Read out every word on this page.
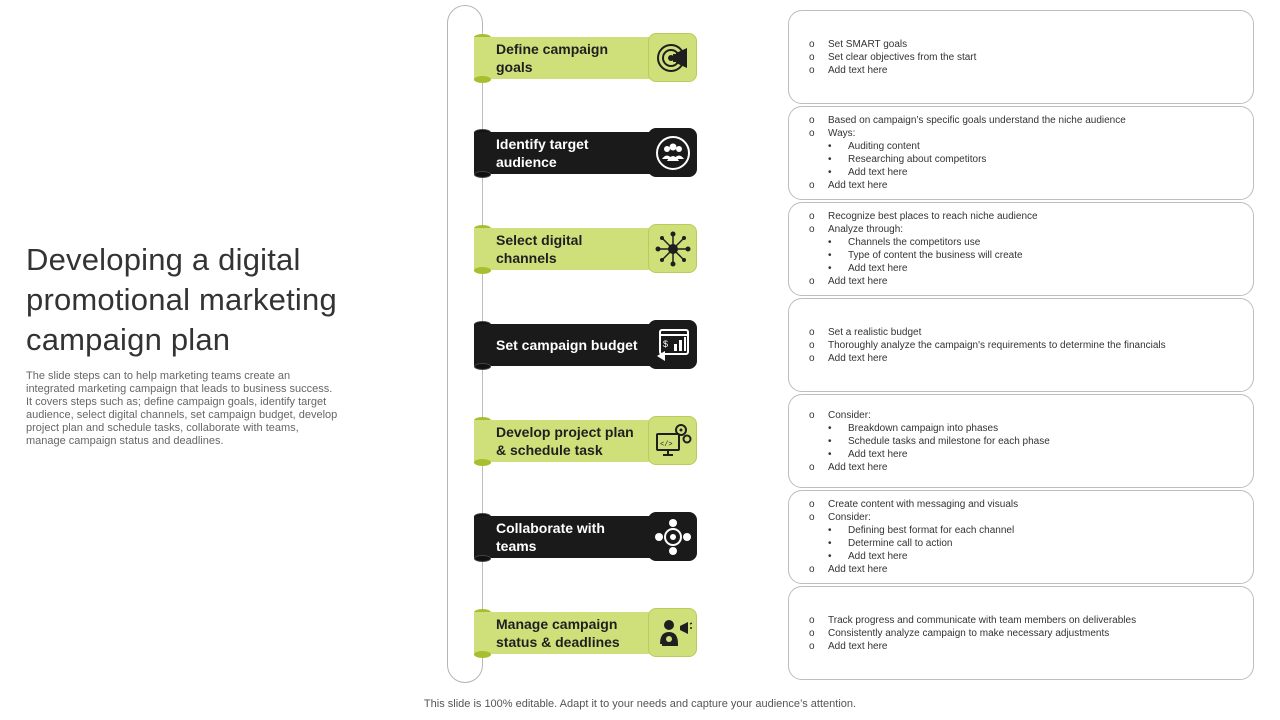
Developing a digital promotional marketing campaign plan
The slide steps can to help marketing teams create an integrated marketing campaign that leads to business success. It covers steps such as; define campaign goals, identify target audience, select digital channels, set campaign budget, develop project plan and schedule tasks, collaborate with teams, manage campaign status and deadlines.
Define campaign goals
Identify target audience
Select digital channels
Set campaign budget	$
Develop project plan & schedule task	</>
Collaborate with teams
Manage campaign status & deadlines
o	Set SMART goals
o	Set clear objectives from the start
o	Add text here
o	Based on campaign’s specific goals understand the niche audience
o	Ways:
•	Auditing content
•	Researching about competitors
•	Add text here
o	Add text here
o	Recognize best places to reach niche audience
o	Analyze through:
•	Channels the competitors use
•	Type of content the business will create
•	Add text here
o	Add text here
o	Set a realistic budget
o	Thoroughly analyze the campaign's requirements to determine the financials
o	Add text here
o	Consider:
•	Breakdown campaign into phases
•	Schedule tasks and milestone for each phase
•	Add text here
o	Add text here
o	Create content with messaging and visuals
o	Consider:
•	Defining best format for each channel
•	Determine call to action
•	Add text here
o	Add text here
o	Track progress and communicate with team members on deliverables
o	Consistently analyze campaign to make necessary adjustments
o	Add text here
This slide is 100% editable. Adapt it to your needs and capture your audience’s attention.
